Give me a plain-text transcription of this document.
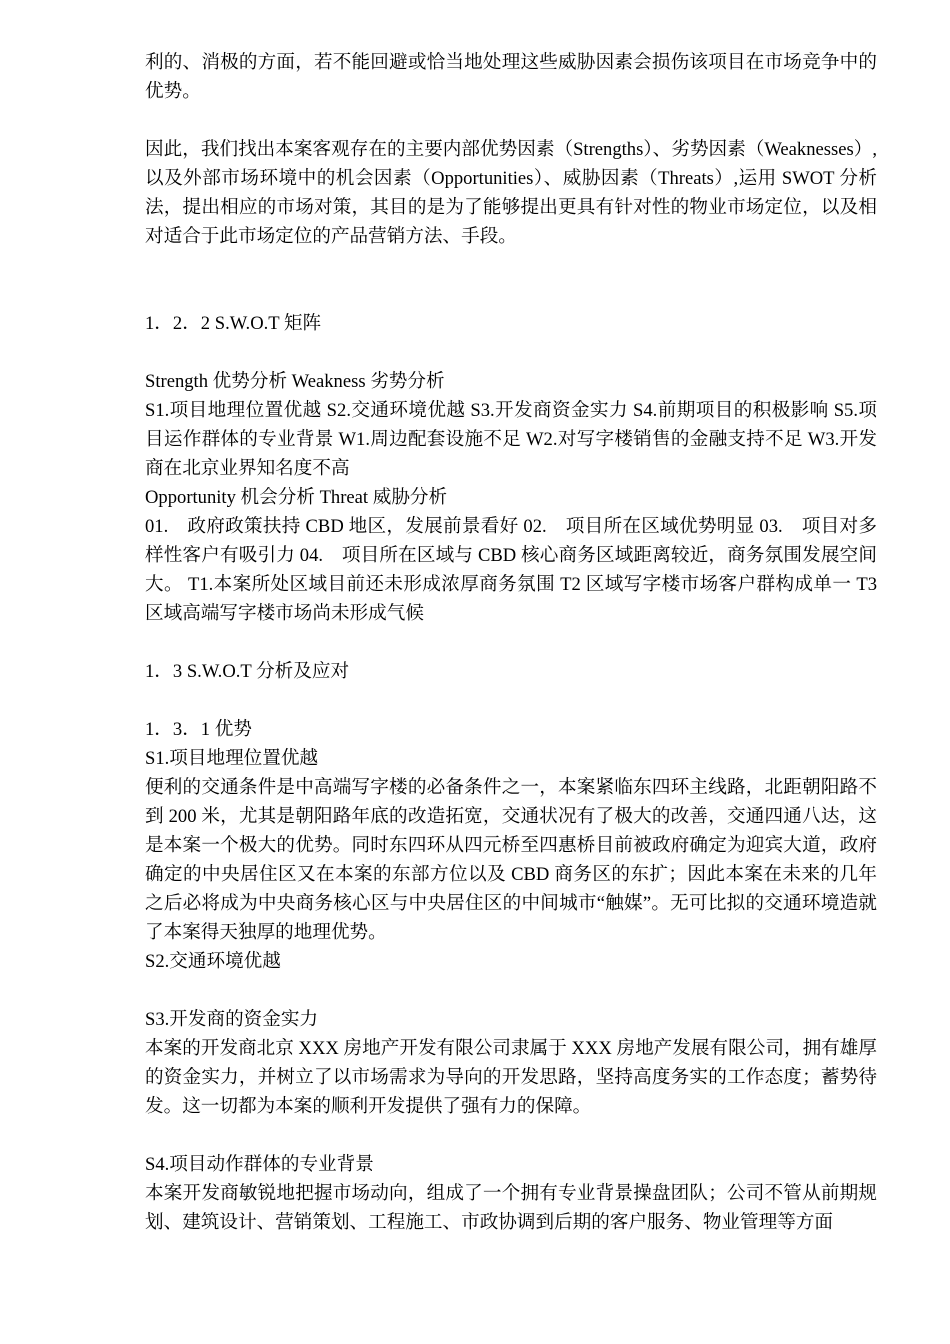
利的、消极的方面，若不能回避或恰当地处理这些威胁因素会损伤该项目在市场竞争中的优势。

因此，我们找出本案客观存在的主要内部优势因素（Strengths）、劣势因素（Weaknesses）,以及外部市场环境中的机会因素（Opportunities）、威胁因素（Threats）,运用 SWOT 分析法，提出相应的市场对策，其目的是为了能够提出更具有针对性的物业市场定位，以及相对适合于此市场定位的产品营销方法、手段。

1．2．2 S.W.O.T 矩阵

Strength 优势分析 Weakness 劣势分析

S1.项目地理位置优越 S2.交通环境优越 S3.开发商资金实力 S4.前期项目的积极影响 S5.项目运作群体的专业背景 W1.周边配套设施不足 W2.对写字楼销售的金融支持不足 W3.开发商在北京业界知名度不高

Opportunity 机会分析 Threat 威胁分析

01.　政府政策扶持 CBD 地区，发展前景看好 02.　项目所在区域优势明显 03.　项目对多样性客户有吸引力 04.　项目所在区域与 CBD 核心商务区域距离较近，商务氛围发展空间大。 T1.本案所处区域目前还未形成浓厚商务氛围 T2 区域写字楼市场客户群构成单一 T3 区域高端写字楼市场尚未形成气候

1．3 S.W.O.T 分析及应对

1．3．1 优势

S1.项目地理位置优越

便利的交通条件是中高端写字楼的必备条件之一，本案紧临东四环主线路，北距朝阳路不到 200 米，尤其是朝阳路年底的改造拓宽，交通状况有了极大的改善，交通四通八达，这是本案一个极大的优势。同时东四环从四元桥至四惠桥目前被政府确定为迎宾大道，政府确定的中央居住区又在本案的东部方位以及 CBD 商务区的东扩；因此本案在未来的几年之后必将成为中央商务核心区与中央居住区的中间城市“触媒”。无可比拟的交通环境造就了本案得天独厚的地理优势。

S2.交通环境优越

S3.开发商的资金实力

本案的开发商北京 XXX 房地产开发有限公司隶属于 XXX 房地产发展有限公司，拥有雄厚的资金实力，并树立了以市场需求为导向的开发思路，坚持高度务实的工作态度；蓄势待发。这一切都为本案的顺利开发提供了强有力的保障。

S4.项目动作群体的专业背景

本案开发商敏锐地把握市场动向，组成了一个拥有专业背景操盘团队；公司不管从前期规划、建筑设计、营销策划、工程施工、市政协调到后期的客户服务、物业管理等方面
